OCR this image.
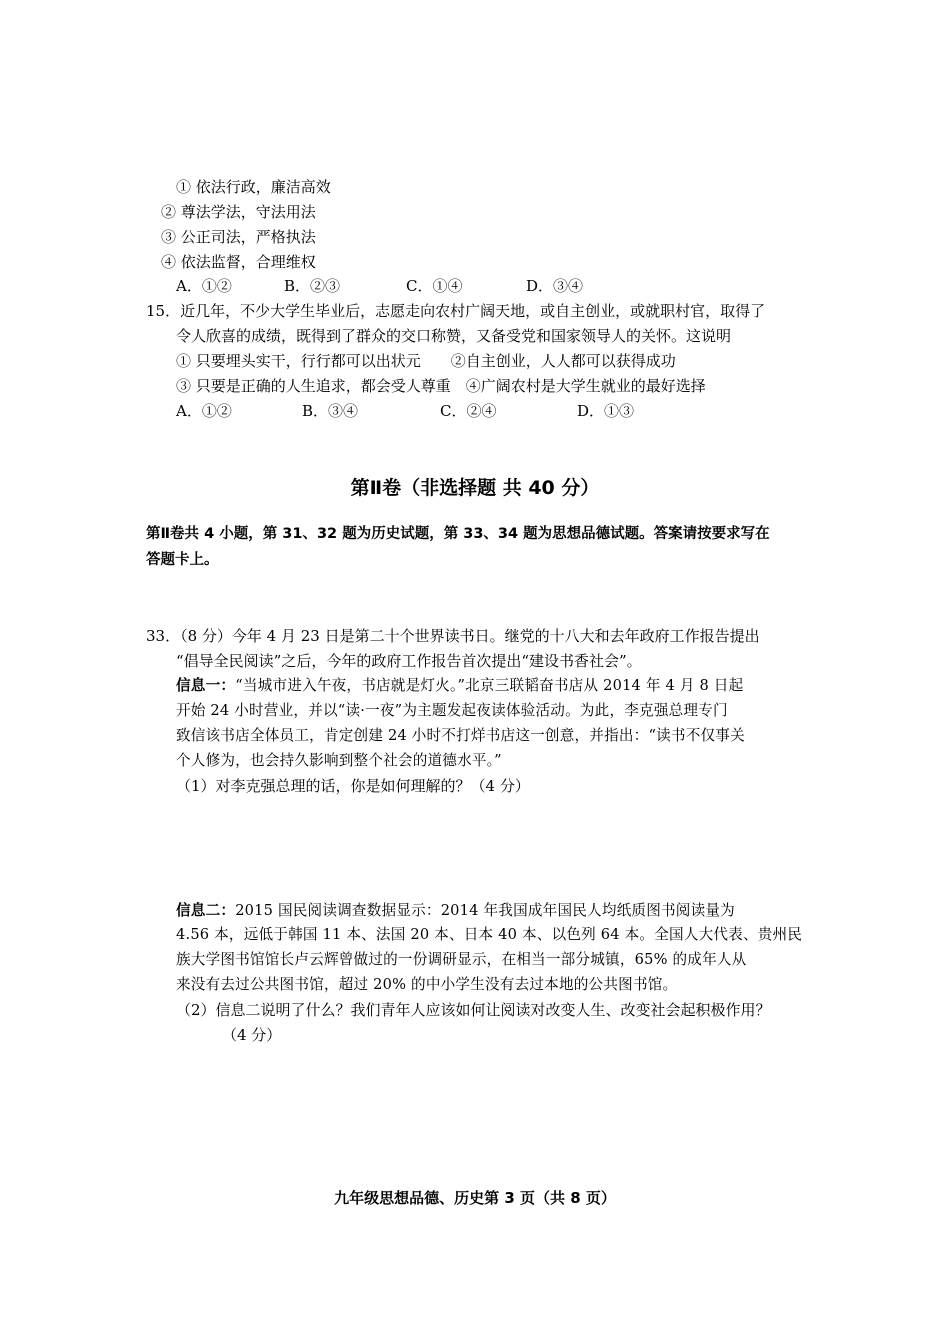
① 依法行政，廉洁高效
② 尊法学法，守法用法
③ 公正司法，严格执法
④ 依法监督，合理维权
A．①②	B．②③	C．①④	D．③④
15．近几年，不少大学生毕业后，志愿走向农村广阔天地，或自主创业，或就职村官，取得了
令人欣喜的成绩，既得到了群众的交口称赞，又备受党和国家领导人的关怀。这说明
① 只要埋头实干，行行都可以出状元　　②自主创业，人人都可以获得成功
③ 只要是正确的人生追求，都会受人尊重　④广阔农村是大学生就业的最好选择
A．①②	B．③④	C．②④	D．①③
第Ⅱ卷（非选择题 共 40 分）
第Ⅱ卷共 4 小题，第 31、32 题为历史试题，第 33、34 题为思想品德试题。答案请按要求写在
答题卡上。
33．（8 分）今年 4 月 23 日是第二十个世界读书日。继党的十八大和去年政府工作报告提出
“倡导全民阅读”之后，今年的政府工作报告首次提出“建设书香社会”。
信息一：“当城市进入午夜，书店就是灯火。”北京三联韬奋书店从 2014 年 4 月 8 日起
开始 24 小时营业，并以“读·一夜”为主题发起夜读体验活动。为此，李克强总理专门
致信该书店全体员工，肯定创建 24 小时不打烊书店这一创意，并指出：“读书不仅事关
个人修为，也会持久影响到整个社会的道德水平。”
（1）对李克强总理的话，你是如何理解的？（4 分）
信息二：2015 国民阅读调查数据显示：2014 年我国成年国民人均纸质图书阅读量为
4.56 本，远低于韩国 11 本、法国 20 本、日本 40 本、以色列 64 本。全国人大代表、贵州民
族大学图书馆馆长卢云辉曾做过的一份调研显示，在相当一部分城镇，65% 的成年人从
来没有去过公共图书馆，超过 20% 的中小学生没有去过本地的公共图书馆。
（2）信息二说明了什么？我们青年人应该如何让阅读对改变人生、改变社会起积极作用？
（4 分）
九年级思想品德、历史第 3 页（共 8 页）
